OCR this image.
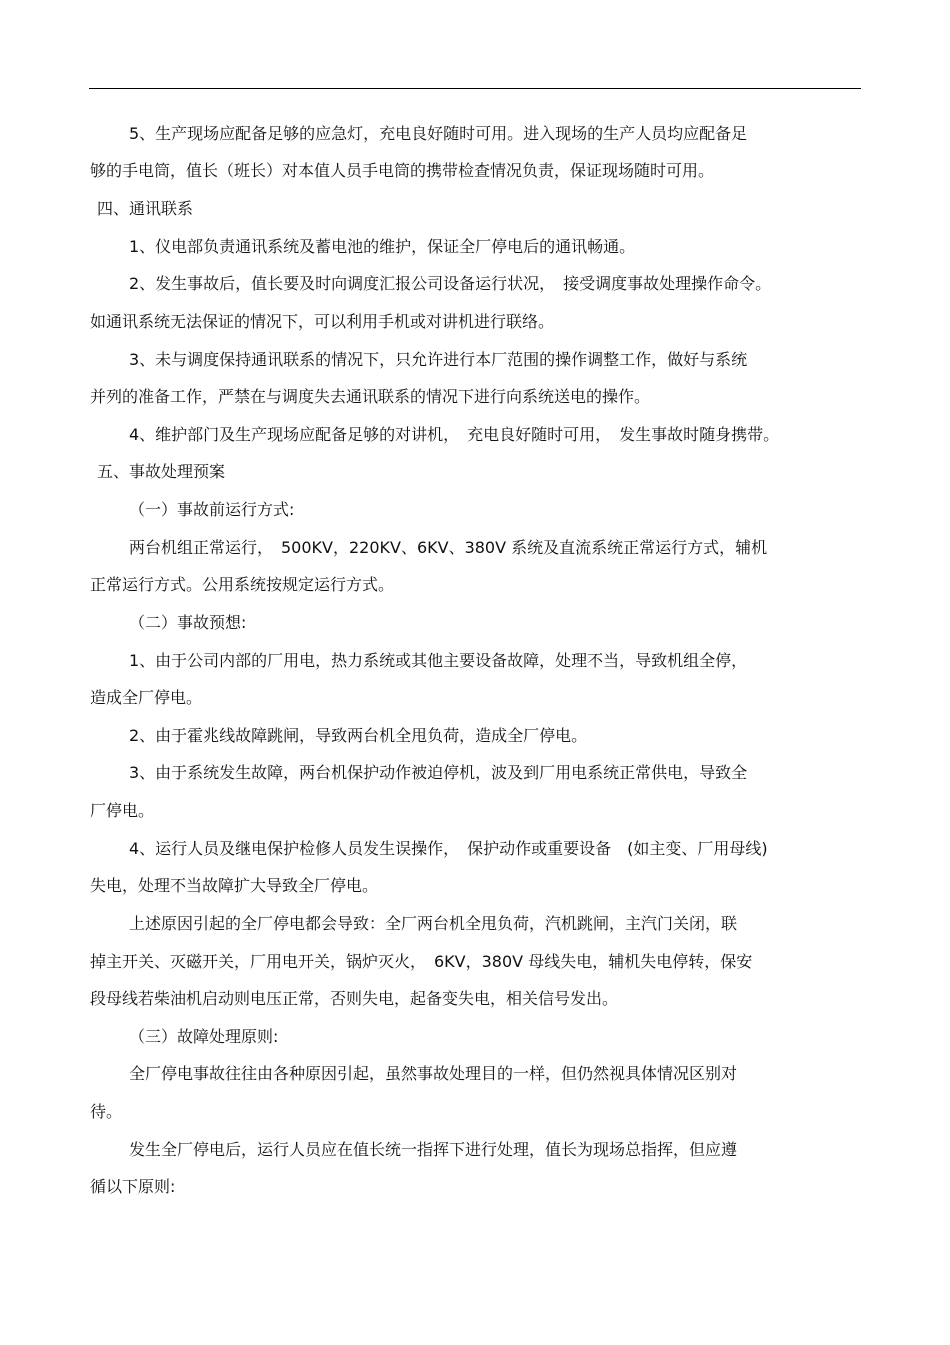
5、生产现场应配备足够的应急灯，充电良好随时可用。进入现场的生产人员均应配备足
够的手电筒，值长（班长）对本值人员手电筒的携带检查情况负责，保证现场随时可用。
四、通讯联系
1、仪电部负责通讯系统及蓄电池的维护，保证全厂停电后的通讯畅通。
2、发生事故后，值长要及时向调度汇报公司设备运行状况，　接受调度事故处理操作命令。
如通讯系统无法保证的情况下，可以利用手机或对讲机进行联络。
3、未与调度保持通讯联系的情况下，只允许进行本厂范围的操作调整工作，做好与系统
并列的准备工作，严禁在与调度失去通讯联系的情况下进行向系统送电的操作。
4、维护部门及生产现场应配备足够的对讲机，　充电良好随时可用，　发生事故时随身携带。
五、事故处理预案
（一）事故前运行方式:
两台机组正常运行，　500KV，220KV、6KV、380V 系统及直流系统正常运行方式，辅机
正常运行方式。公用系统按规定运行方式。
（二）事故预想:
1、由于公司内部的厂用电，热力系统或其他主要设备故障，处理不当，导致机组全停，
造成全厂停电。
2、由于霍兆线故障跳闸，导致两台机全甩负荷，造成全厂停电。
3、由于系统发生故障，两台机保护动作被迫停机，波及到厂用电系统正常供电，导致全
厂停电。
4、运行人员及继电保护检修人员发生误操作，　保护动作或重要设备　(如主变、厂用母线)
失电，处理不当故障扩大导致全厂停电。
上述原因引起的全厂停电都会导致：全厂两台机全甩负荷，汽机跳闸，主汽门关闭，联
掉主开关、灭磁开关，厂用电开关，锅炉灭火，　6KV，380V 母线失电，辅机失电停转，保安
段母线若柴油机启动则电压正常，否则失电，起备变失电，相关信号发出。
（三）故障处理原则:
全厂停电事故往往由各种原因引起，虽然事故处理目的一样，但仍然视具体情况区别对
待。
发生全厂停电后，运行人员应在值长统一指挥下进行处理，值长为现场总指挥，但应遵
循以下原则:
